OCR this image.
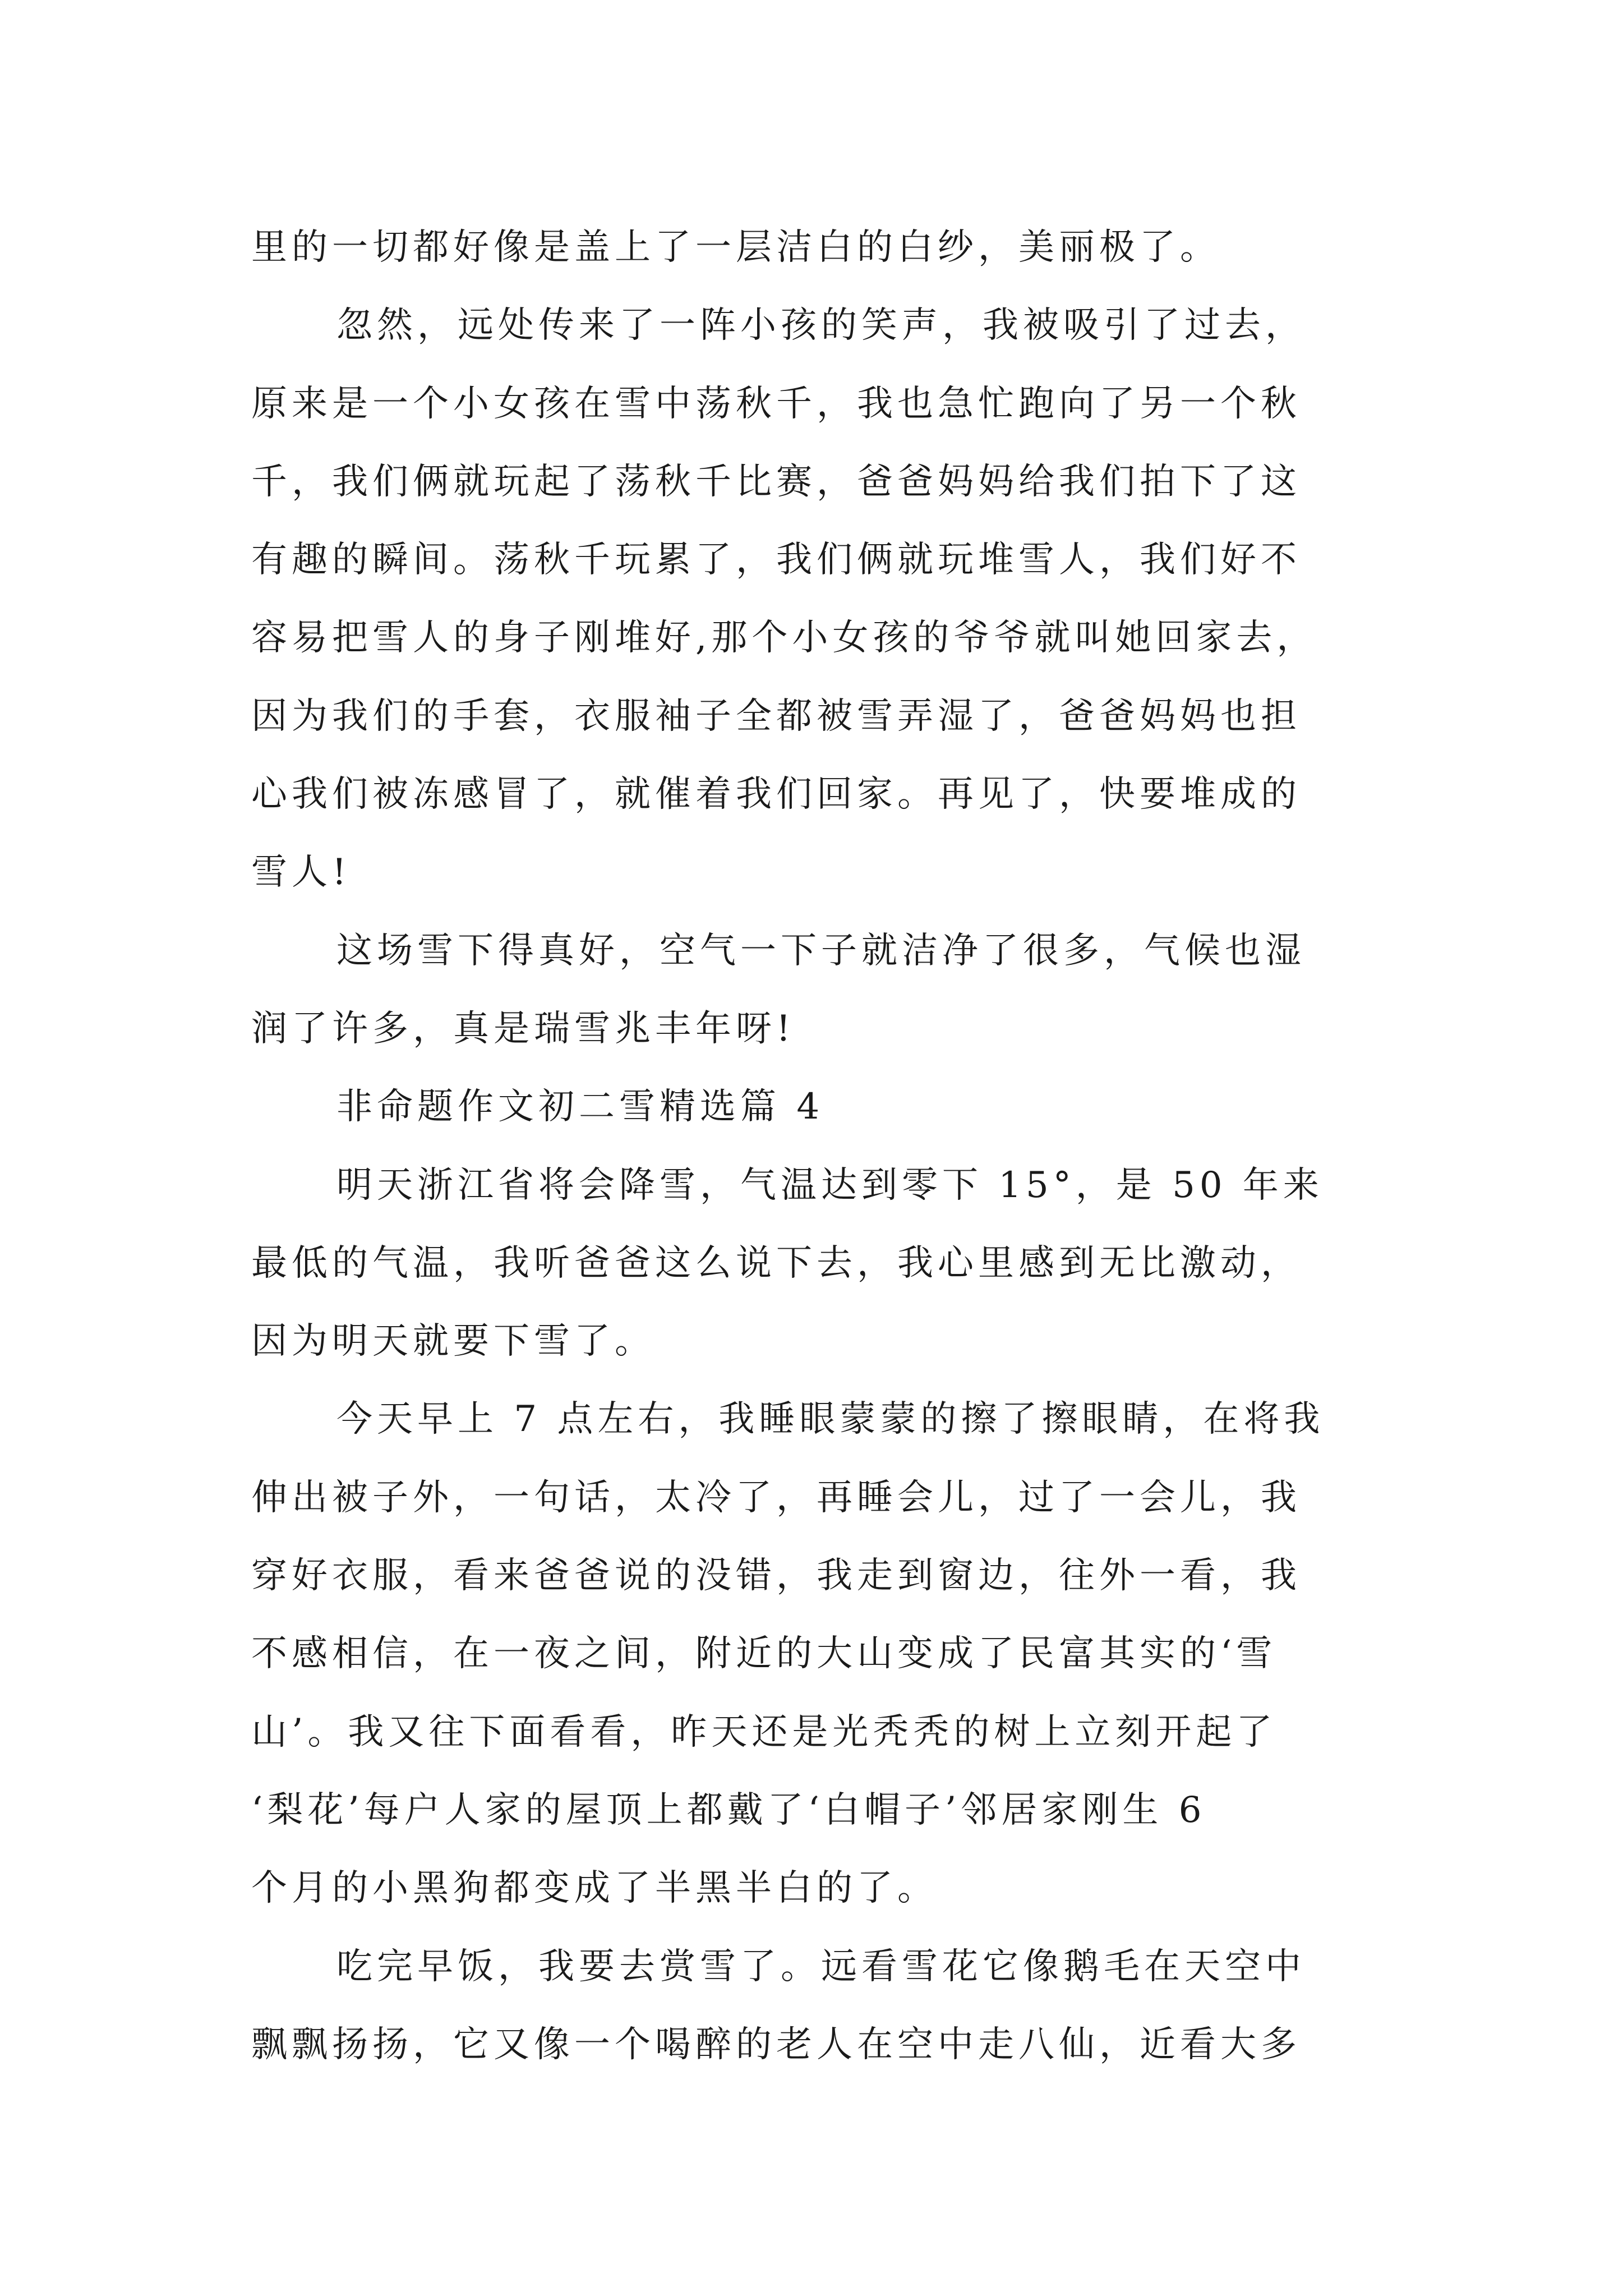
里的一切都好像是盖上了一层洁白的白纱，美丽极了。
忽然，远处传来了一阵小孩的笑声，我被吸引了过去，
原来是一个小女孩在雪中荡秋千，我也急忙跑向了另一个秋
千，我们俩就玩起了荡秋千比赛，爸爸妈妈给我们拍下了这
有趣的瞬间。荡秋千玩累了，我们俩就玩堆雪人，我们好不
容易把雪人的身子刚堆好,那个小女孩的爷爷就叫她回家去，
因为我们的手套，衣服袖子全都被雪弄湿了，爸爸妈妈也担
心我们被冻感冒了，就催着我们回家。再见了，快要堆成的
雪人!
这场雪下得真好，空气一下子就洁净了很多，气候也湿
润了许多，真是瑞雪兆丰年呀!
非命题作文初二雪精选篇 4
明天浙江省将会降雪，气温达到零下 15°，是 50 年来
最低的气温，我听爸爸这么说下去，我心里感到无比激动，
因为明天就要下雪了。
今天早上 7 点左右，我睡眼蒙蒙的擦了擦眼睛，在将我
伸出被子外，一句话，太冷了，再睡会儿，过了一会儿，我
穿好衣服，看来爸爸说的没错，我走到窗边，往外一看，我
不感相信，在一夜之间，附近的大山变成了民富其实的‘雪
山’。我又往下面看看，昨天还是光秃秃的树上立刻开起了
‘梨花’每户人家的屋顶上都戴了‘白帽子’邻居家刚生 6
个月的小黑狗都变成了半黑半白的了。
吃完早饭，我要去赏雪了。远看雪花它像鹅毛在天空中
飘飘扬扬，它又像一个喝醉的老人在空中走八仙，近看大多
